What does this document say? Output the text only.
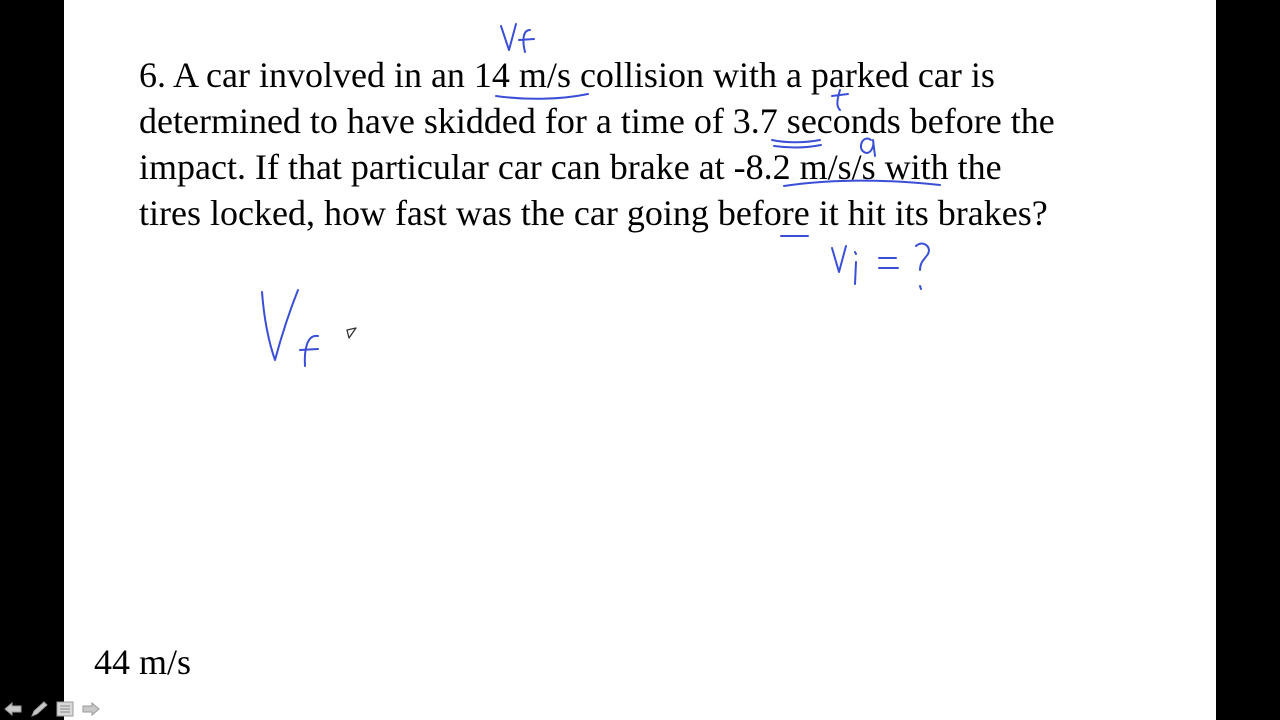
6. A car involved in an 14 m/s collision with a parked car is
determined to have skidded for a time of 3.7 seconds before the
impact. If that particular car can brake at -8.2 m/s/s with the
tires locked, how fast was the car going before it hit its brakes?

44 m/s
